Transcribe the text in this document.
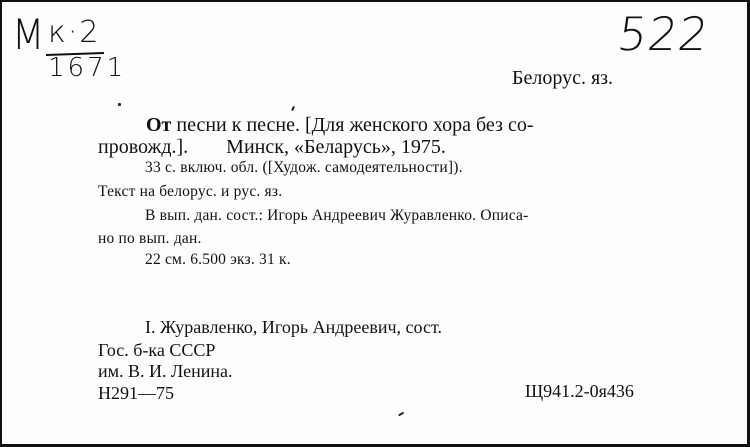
М к·2
1671
522
Белорус. яз.
От песни к песне. [Для женского хора без со-
провожд.]. Минск, «Беларусь», 1975.
33 с. включ. обл. ([Худож. самодеятельности]).
Текст на белорус. и рус. яз.
В вып. дан. сост.: Игорь Андреевич Журавленко. Описа-
но по вып. дан.
22 см. 6.500 экз. 31 к.
I. Журавленко, Игорь Андреевич, сост.
Гос. б-ка СССР
им. В. И. Ленина.
Н291—75	Щ941.2-0я436
